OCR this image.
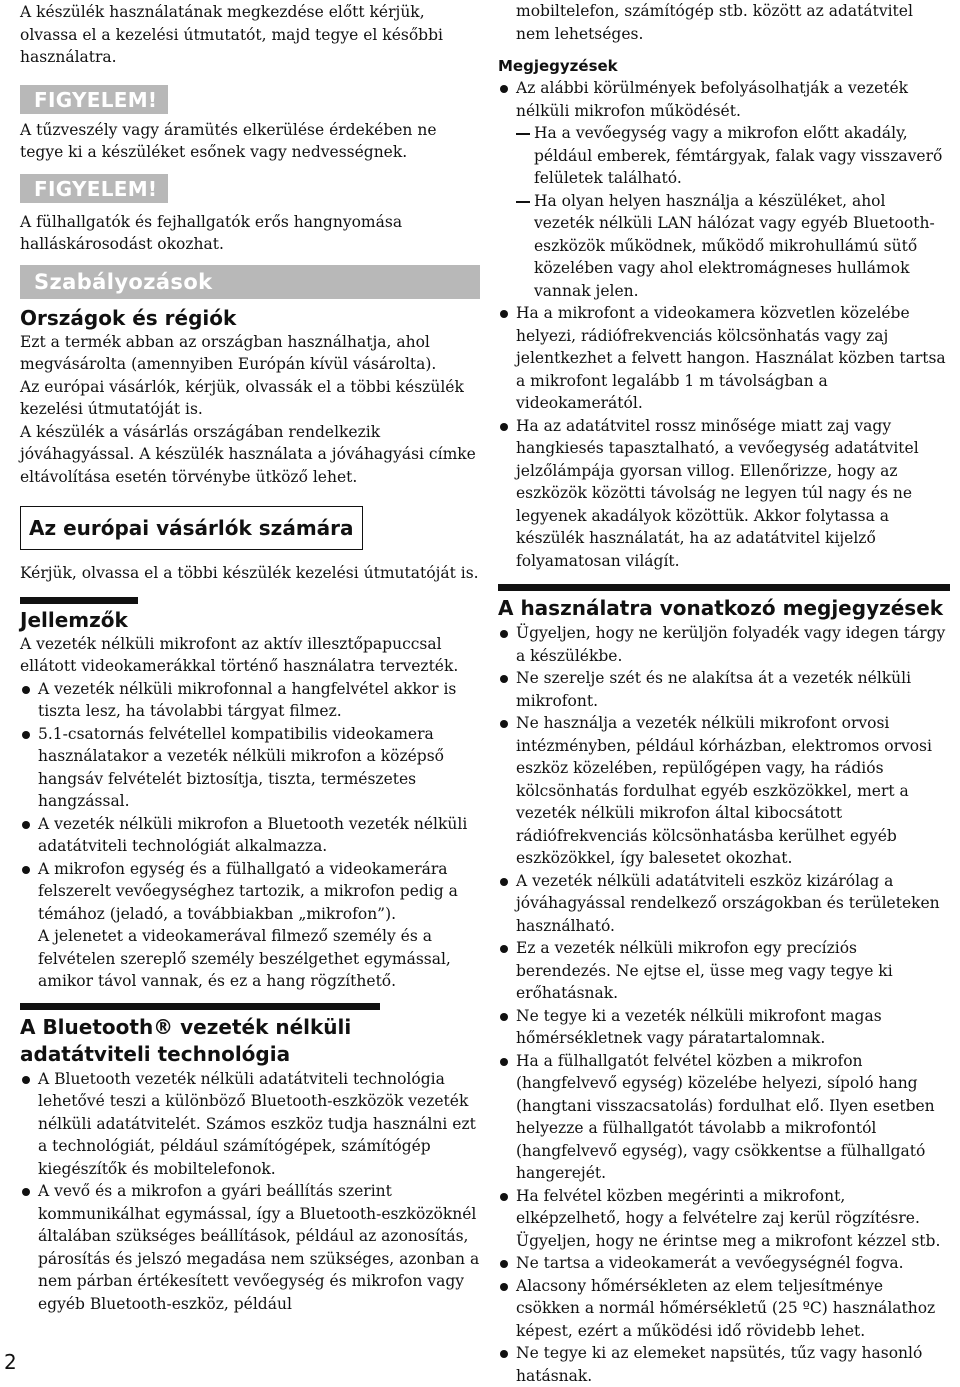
A készülék használatának megkezdése előtt kérjük, olvassa el a kezelési útmutatót, majd tegye el későbbi használatra.

FIGYELEM!

A tűzveszély vagy áramütés elkerülése érdekében ne tegye ki a készüléket esőnek vagy nedvességnek.

FIGYELEM!

A fülhallgatók és fejhallgatók erős hangnyomása halláskárosodást okozhat.

Szabályozások
Országok és régiók

Ezt a termék abban az országban használhatja, ahol megvásárolta (amennyiben Európán kívül vásárolta).

Az európai vásárlók, kérjük, olvassák el a többi készülék kezelési útmutatóját is.

A készülék a vásárlás országában rendelkezik jóváhagyással. A készülék használata a jóváhagyási címke eltávolítása esetén törvénybe ütköző lehet.

Az európai vásárlók számára

Kérjük, olvassa el a többi készülék kezelési útmutatóját is.

Jellemzők

A vezeték nélküli mikrofont az aktív illesztőpapuccsal ellátott videokamerákkal történő használatra tervezték.

A vezeték nélküli mikrofonnal a hangfelvétel akkor is tiszta lesz, ha távolabbi tárgyat filmez.
5.1-csatornás felvétellel kompatibilis videokamera használatakor a vezeték nélküli mikrofon a középső hangsáv felvételét biztosítja, tiszta, természetes hangzással.
A vezeték nélküli mikrofon a Bluetooth vezeték nélküli adatátviteli technológiát alkalmazza.
A mikrofon egység és a fülhallgató a videokamerára felszerelt vevőegységhez tartozik, a mikrofon pedig a témához (jeladó, a továbbiakban „mikrofon”).
A jelenetet a videokamerával filmező személy és a felvételen szereplő személy beszélgethet egymással, amikor távol vannak, és ez a hang rögzíthető.
A Bluetooth® vezeték nélküli adatátviteli technológia
A Bluetooth vezeték nélküli adatátviteli technológia lehetővé teszi a különböző Bluetooth-eszközök vezeték nélküli adatátvitelét. Számos eszköz tudja használni ezt a technológiát, például számítógépek, számítógép kiegészítők és mobiltelefonok.
A vevő és a mikrofon a gyári beállítás szerint kommunikálhat egymással, így a Bluetooth-eszközöknél általában szükséges beállítások, például az azonosítás, párosítás és jelszó megadása nem szükséges, azonban a nem párban értékesített vevőegység és mikrofon vagy egyéb Bluetooth-eszköz, például

mobiltelefon, számítógép stb. között az adatátvitel nem lehetséges.

Megjegyzések
Az alábbi körülmények befolyásolhatják a vezeték nélküli mikrofon működését.
Ha a vevőegység vagy a mikrofon előtt akadály, például emberek, fémtárgyak, falak vagy visszaverő felületek található.
Ha olyan helyen használja a készüléket, ahol vezeték nélküli LAN hálózat vagy egyéb Bluetooth-eszközök működnek, működő mikrohullámú sütő közelében vagy ahol elektromágneses hullámok vannak jelen.
Ha a mikrofont a videokamera közvetlen közelébe helyezi, rádiófrekvenciás kölcsönhatás vagy zaj jelentkezhet a felvett hangon. Használat közben tartsa a mikrofont legalább 1 m távolságban a videokamerától.
Ha az adatátvitel rossz minősége miatt zaj vagy hangkiesés tapasztalható, a vevőegység adatátvitel jelzőlámpája gyorsan villog. Ellenőrizze, hogy az eszközök közötti távolság ne legyen túl nagy és ne legyenek akadályok közöttük. Akkor folytassa a készülék használatát, ha az adatátvitel kijelző folyamatosan világít.
A használatra vonatkozó megjegyzések
Ügyeljen, hogy ne kerüljön folyadék vagy idegen tárgy a készülékbe.
Ne szerelje szét és ne alakítsa át a vezeték nélküli mikrofont.
Ne használja a vezeték nélküli mikrofont orvosi intézményben, például kórházban, elektromos orvosi eszköz közelében, repülőgépen vagy, ha rádiós kölcsönhatás fordulhat egyéb eszközökkel, mert a vezeték nélküli mikrofon által kibocsátott rádiófrekvenciás kölcsönhatásba kerülhet egyéb eszközökkel, így balesetet okozhat.
A vezeték nélküli adatátviteli eszköz kizárólag a jóváhagyással rendelkező országokban és területeken használható.
Ez a vezeték nélküli mikrofon egy precíziós berendezés. Ne ejtse el, üsse meg vagy tegye ki erőhatásnak.
Ne tegye ki a vezeték nélküli mikrofont magas hőmérsékletnek vagy páratartalomnak.
Ha a fülhallgatót felvétel közben a mikrofon (hangfelvevő egység) közelébe helyezi, sípoló hang (hangtani visszacsatolás) fordulhat elő. Ilyen esetben helyezze a fülhallgatót távolabb a mikrofontól (hangfelvevő egység), vagy csökkentse a fülhallgató hangerejét.
Ha felvétel közben megérinti a mikrofont, elképzelhető, hogy a felvételre zaj kerül rögzítésre. Ügyeljen, hogy ne érintse meg a mikrofont kézzel stb.
Ne tartsa a videokamerát a vevőegységnél fogva.
Alacsony hőmérsékleten az elem teljesítménye csökken a normál hőmérsékletű (25 ºC) használathoz képest, ezért a működési idő rövidebb lehet.
Ne tegye ki az elemeket napsütés, tűz vagy hasonló hatásnak.
2
